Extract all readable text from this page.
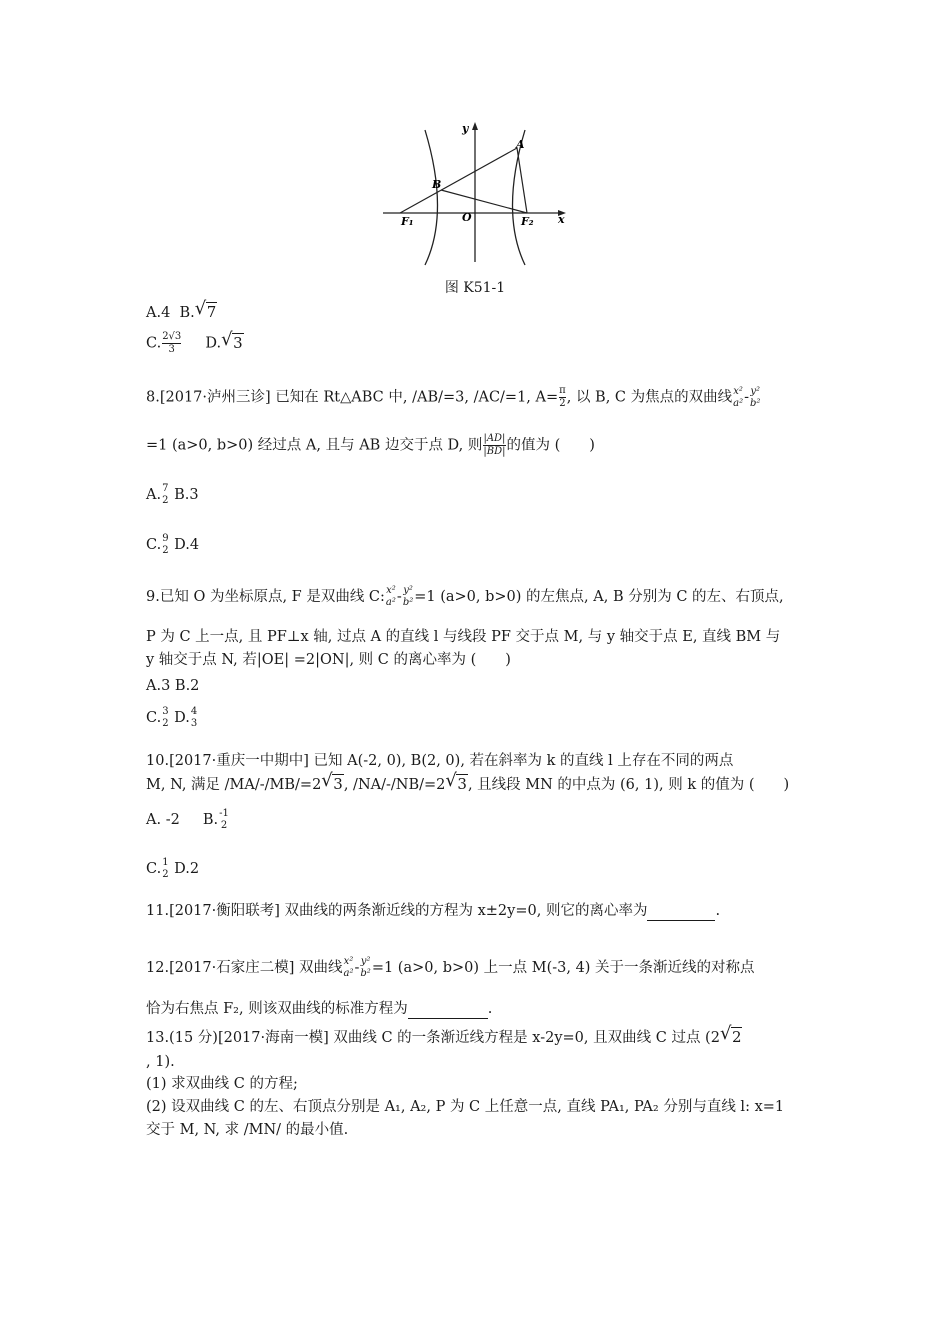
y
x
A
B
O
F₁	F₂
图 K51-1
A.4 B. √ 7
C. $\frac{2√3}{3} D$. √ 3
8.[2017·泸州三诊] 已知在 Rt△ABC 中, /AB/=3, /AC/=1, $A= \frac{\pi}{2}$ , 以 B, C 为焦点的双曲线 x²
a² - y²
b²
=1 (a>0, b>0) 经过点 A, 且与 AB 边交于点 D, 则 $\frac{|AD|}{|BD|}$ 的值为 (　　)
A. 7
2 B.3
C. 9
2 D.4
9.已知 O 为坐标原点, F 是双曲线 C: x²
a² - y²
b² =1 (a>0, b>0) 的左焦点, A, B 分别为 C 的左、右顶点,
P 为 C 上一点, 且 PF⊥x 轴, 过点 A 的直线 l 与线段 PF 交于点 M, 与 y 轴交于点 E, 直线 BM 与
y 轴交于点 N, 若|OE| =2|ON|, 则 C 的离心率为 (　　)
A.3 B.2
C. 3
2 D. 4
3
10.[2017·重庆一中期中] 已知 A(-2, 0), B(2, 0), 若在斜率为 k 的直线 l 上存在不同的两点
M, N, 满足 /MA/-/MB/=2 √ 3, /NA/-/NB/=2 √ 3, 且线段 MN 的中点为 (6, 1), 则 k 的值为 (　　)
A. -2 B. -1
2
C. 1
2 D.2
11.[2017·衡阳联考] 双曲线的两条渐近线的方程为 x±2y=0, 则它的离心率为	.
12.[2017·石家庄二模] 双曲线 x²
a² - y²
b² =1 (a>0, b>0) 上一点 M(-3, 4) 关于一条渐近线的对称点
恰为右焦点 F₂, 则该双曲线的标准方程为	.
13.(15 分)[2017·海南一模] 双曲线 C 的一条渐近线方程是 x-2y=0, 且双曲线 C 过点 (2 √ 2
, 1).
(1) 求双曲线 C 的方程;
(2) 设双曲线 C 的左、右顶点分别是 A₁, A₂, P 为 C 上任意一点, 直线 PA₁, PA₂ 分别与直线 l: x=1
交于 M, N, 求 /MN/ 的最小值.
